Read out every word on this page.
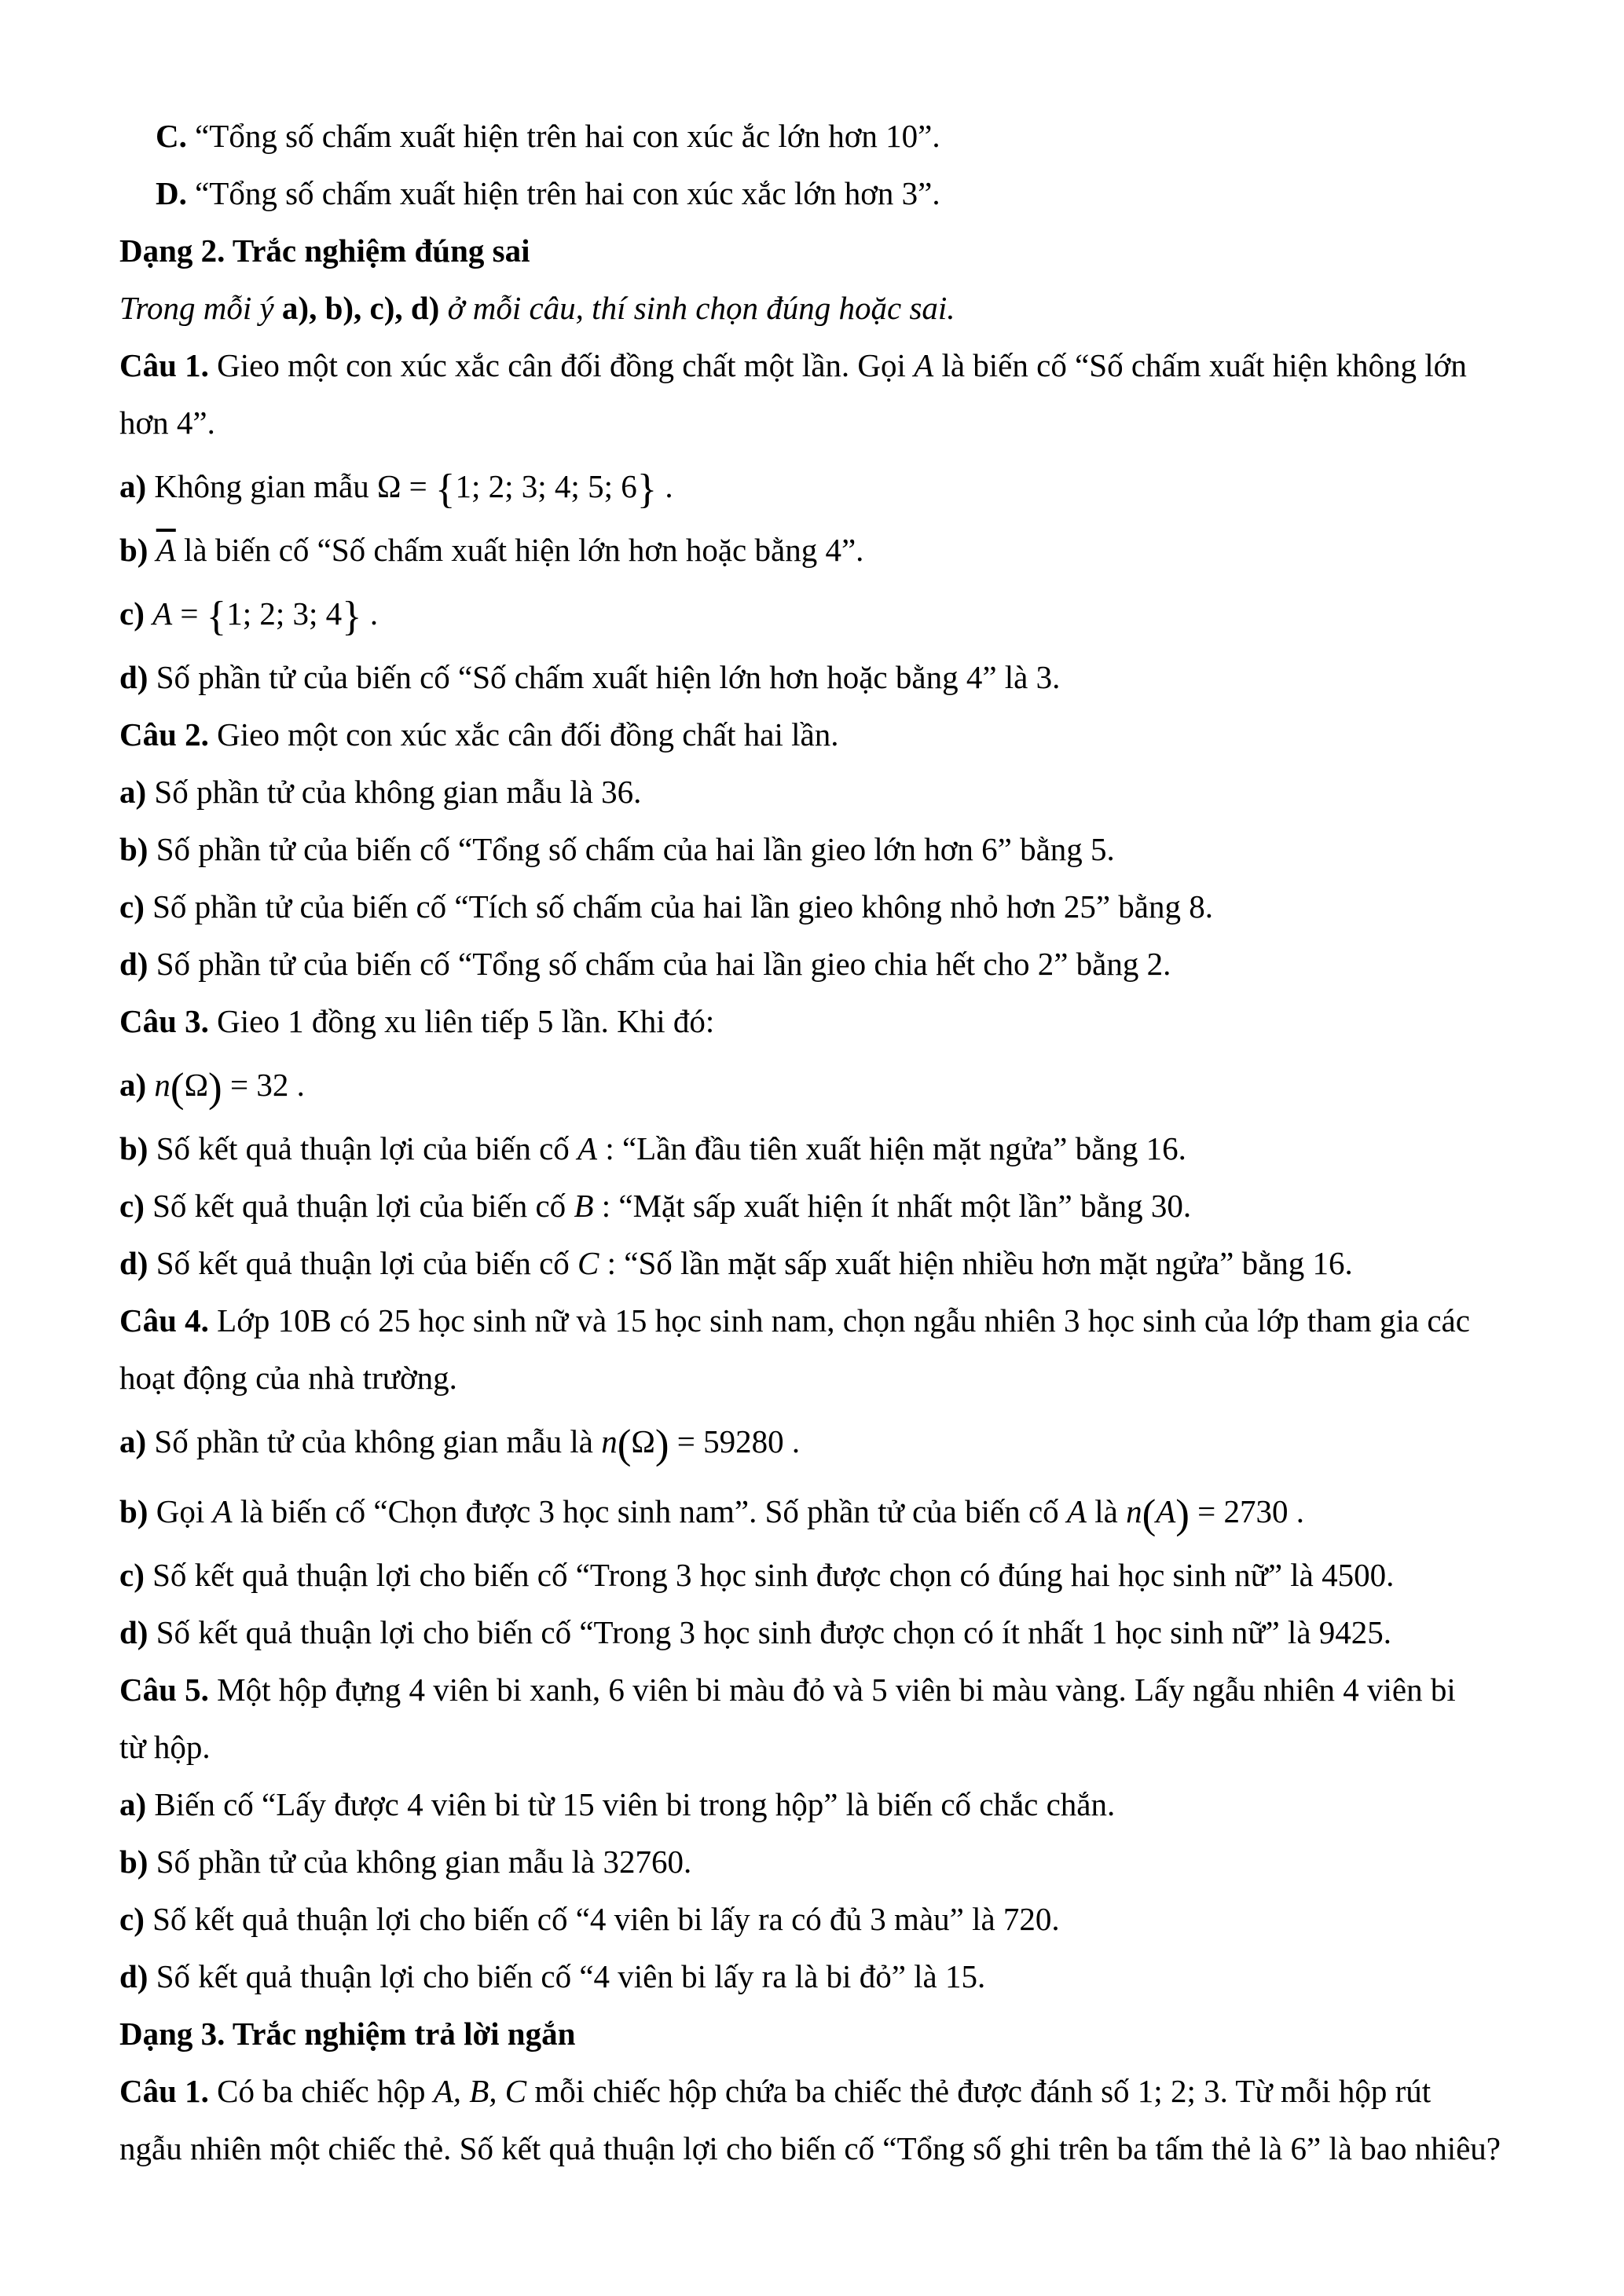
C. “Tổng số chấm xuất hiện trên hai con xúc ắc lớn hơn 10”.

D. “Tổng số chấm xuất hiện trên hai con xúc xắc lớn hơn 3”.

Dạng 2. Trắc nghiệm đúng sai

Trong mỗi ý a), b), c), d) ở mỗi câu, thí sinh chọn đúng hoặc sai.

Câu 1. Gieo một con xúc xắc cân đối đồng chất một lần. Gọi A là biến cố “Số chấm xuất hiện không lớn

hơn 4”.

a) Không gian mẫu Ω = {1; 2; 3; 4; 5; 6} .

b) $\overline{A}$ là biến cố “Số chấm xuất hiện lớn hơn hoặc bằng 4”.

c) A = {1; 2; 3; 4} .

d) Số phần tử của biến cố “Số chấm xuất hiện lớn hơn hoặc bằng 4” là 3.

Câu 2. Gieo một con xúc xắc cân đối đồng chất hai lần.

a) Số phần tử của không gian mẫu là 36.

b) Số phần tử của biến cố “Tổng số chấm của hai lần gieo lớn hơn 6” bằng 5.

c) Số phần tử của biến cố “Tích số chấm của hai lần gieo không nhỏ hơn 25” bằng 8.

d) Số phần tử của biến cố “Tổng số chấm của hai lần gieo chia hết cho 2” bằng 2.

Câu 3. Gieo 1 đồng xu liên tiếp 5 lần. Khi đó:

a) n(Ω) = 32 .

b) Số kết quả thuận lợi của biến cố A : “Lần đầu tiên xuất hiện mặt ngửa” bằng 16.

c) Số kết quả thuận lợi của biến cố B : “Mặt sấp xuất hiện ít nhất một lần” bằng 30.

d) Số kết quả thuận lợi của biến cố C : “Số lần mặt sấp xuất hiện nhiều hơn mặt ngửa” bằng 16.

Câu 4. Lớp 10B có 25 học sinh nữ và 15 học sinh nam, chọn ngẫu nhiên 3 học sinh của lớp tham gia các

hoạt động của nhà trường.

a) Số phần tử của không gian mẫu là n(Ω) = 59280 .

b) Gọi A là biến cố “Chọn được 3 học sinh nam”. Số phần tử của biến cố A là n(A) = 2730 .

c) Số kết quả thuận lợi cho biến cố “Trong 3 học sinh được chọn có đúng hai học sinh nữ” là 4500.

d) Số kết quả thuận lợi cho biến cố “Trong 3 học sinh được chọn có ít nhất 1 học sinh nữ” là 9425.

Câu 5. Một hộp đựng 4 viên bi xanh, 6 viên bi màu đỏ và 5 viên bi màu vàng. Lấy ngẫu nhiên 4 viên bi

từ hộp.

a) Biến cố “Lấy được 4 viên bi từ 15 viên bi trong hộp” là biến cố chắc chắn.

b) Số phần tử của không gian mẫu là 32760.

c) Số kết quả thuận lợi cho biến cố “4 viên bi lấy ra có đủ 3 màu” là 720.

d) Số kết quả thuận lợi cho biến cố “4 viên bi lấy ra là bi đỏ” là 15.

Dạng 3. Trắc nghiệm trả lời ngắn

Câu 1. Có ba chiếc hộp A, B, C mỗi chiếc hộp chứa ba chiếc thẻ được đánh số 1; 2; 3. Từ mỗi hộp rút

ngẫu nhiên một chiếc thẻ. Số kết quả thuận lợi cho biến cố “Tổng số ghi trên ba tấm thẻ là 6” là bao nhiêu?
